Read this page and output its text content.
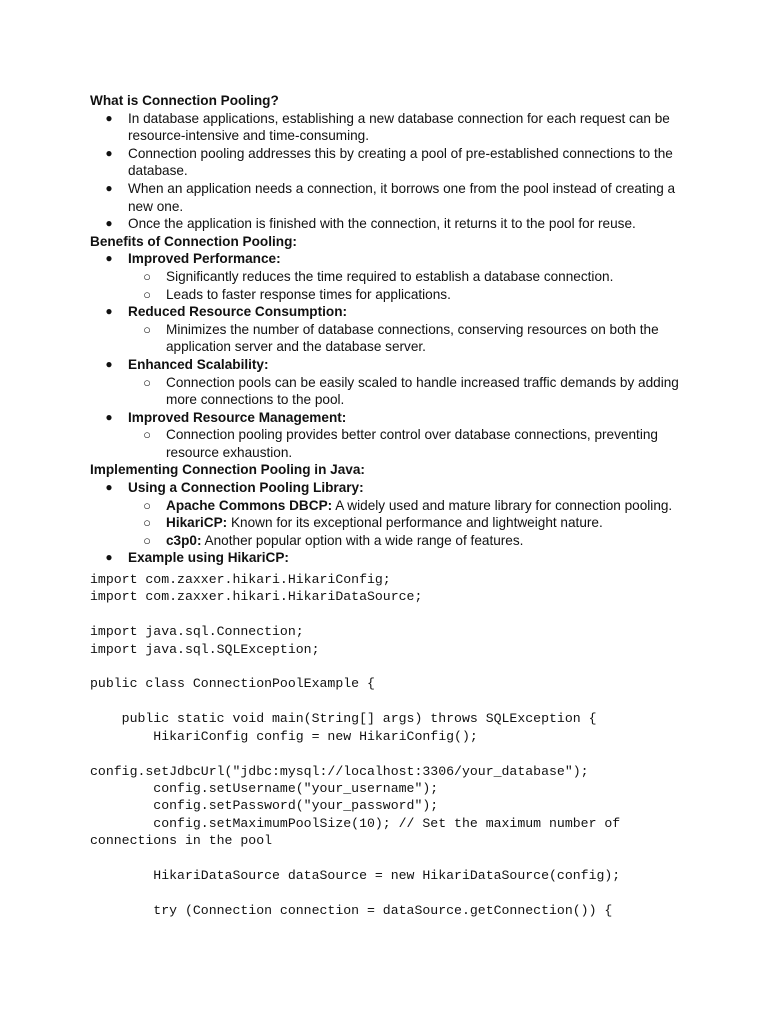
What is Connection Pooling?

● In database applications, establishing a new database connection for each request can be resource-intensive and time-consuming.
● Connection pooling addresses this by creating a pool of pre-established connections to the database.
● When an application needs a connection, it borrows one from the pool instead of creating a new one.
● Once the application is finished with the connection, it returns it to the pool for reuse.

Benefits of Connection Pooling:

● Improved Performance:
○ Significantly reduces the time required to establish a database connection.
○ Leads to faster response times for applications.
● Reduced Resource Consumption:
○ Minimizes the number of database connections, conserving resources on both the application server and the database server.
● Enhanced Scalability:
○ Connection pools can be easily scaled to handle increased traffic demands by adding more connections to the pool.
● Improved Resource Management:
○ Connection pooling provides better control over database connections, preventing resource exhaustion.

Implementing Connection Pooling in Java:

● Using a Connection Pooling Library:
○ Apache Commons DBCP: A widely used and mature library for connection pooling.
○ HikariCP: Known for its exceptional performance and lightweight nature.
○ c3p0: Another popular option with a wide range of features.
● Example using HikariCP:
import com.zaxxer.hikari.HikariConfig;
import com.zaxxer.hikari.HikariDataSource;

import java.sql.Connection;
import java.sql.SQLException;

public class ConnectionPoolExample {

public static void main(String[] args) throws SQLException {
HikariConfig config = new HikariConfig();

config.setJdbcUrl("jdbc:mysql://localhost:3306/your_database");
config.setUsername("your_username");
config.setPassword("your_password");
config.setMaximumPoolSize(10); // Set the maximum number of
connections in the pool

HikariDataSource dataSource = new HikariDataSource(config);

try (Connection connection = dataSource.getConnection()) {
